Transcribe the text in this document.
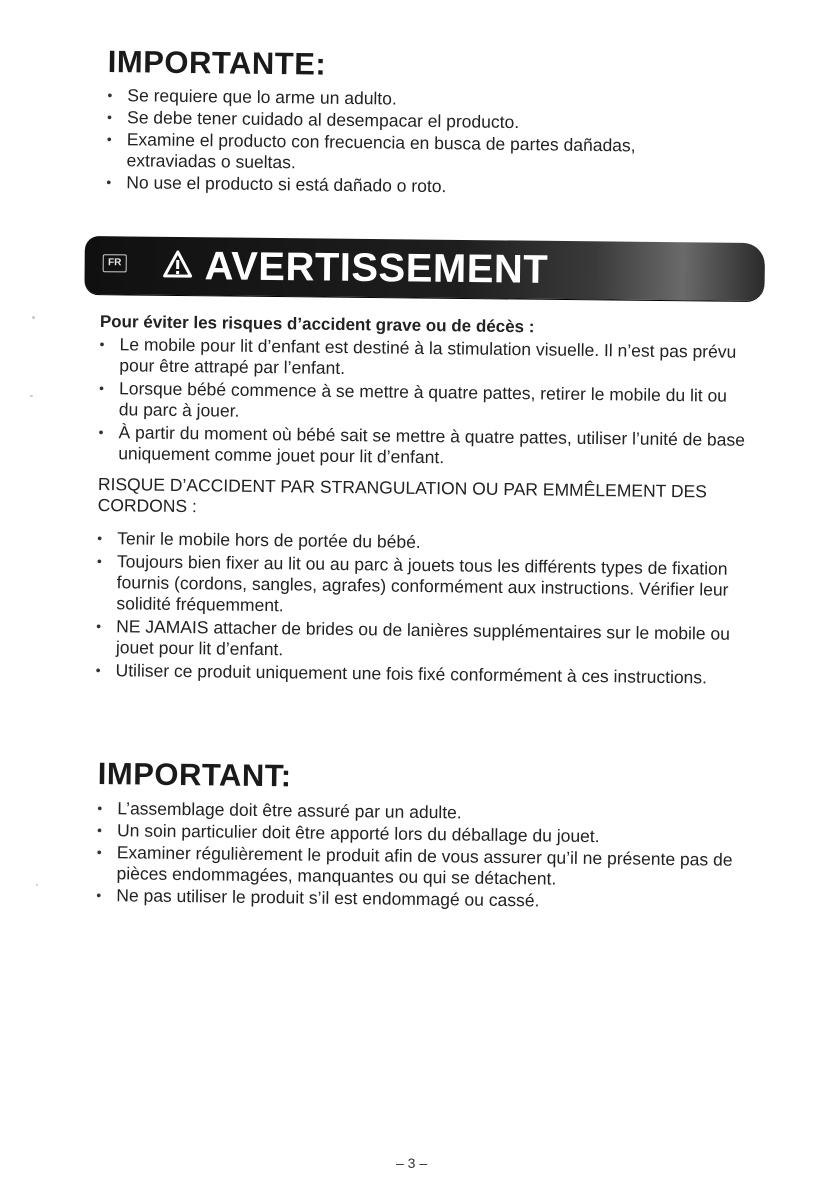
IMPORTANTE:
• Se requiere que lo arme un adulto.
• Se debe tener cuidado al desempacar el producto.
• Examine el producto con frecuencia en busca de partes dañadas, extraviadas o sueltas.
• No use el producto si está dañado o roto.
FR AVERTISSEMENT

Pour éviter les risques d’accident grave ou de décès :

• Le mobile pour lit d’enfant est destiné à la stimulation visuelle. Il n’est pas prévu pour être attrapé par l’enfant.
• Lorsque bébé commence à se mettre à quatre pattes, retirer le mobile du lit ou du parc à jouer.
• À partir du moment où bébé sait se mettre à quatre pattes, utiliser l’unité de base uniquement comme jouet pour lit d’enfant.

RISQUE D’ACCIDENT PAR STRANGULATION OU PAR EMMÊLEMENT DES CORDONS :

• Tenir le mobile hors de portée du bébé.
• Toujours bien fixer au lit ou au parc à jouets tous les différents types de fixation fournis (cordons, sangles, agrafes) conformément aux instructions. Vérifier leur solidité fréquemment.
• NE JAMAIS attacher de brides ou de lanières supplémentaires sur le mobile ou jouet pour lit d’enfant.
• Utiliser ce produit uniquement une fois fixé conformément à ces instructions.
IMPORTANT:
• L’assemblage doit être assuré par un adulte.
• Un soin particulier doit être apporté lors du déballage du jouet.
• Examiner régulièrement le produit afin de vous assurer qu’il ne présente pas de pièces endommagées, manquantes ou qui se détachent.
• Ne pas utiliser le produit s’il est endommagé ou cassé.
– 3 –
